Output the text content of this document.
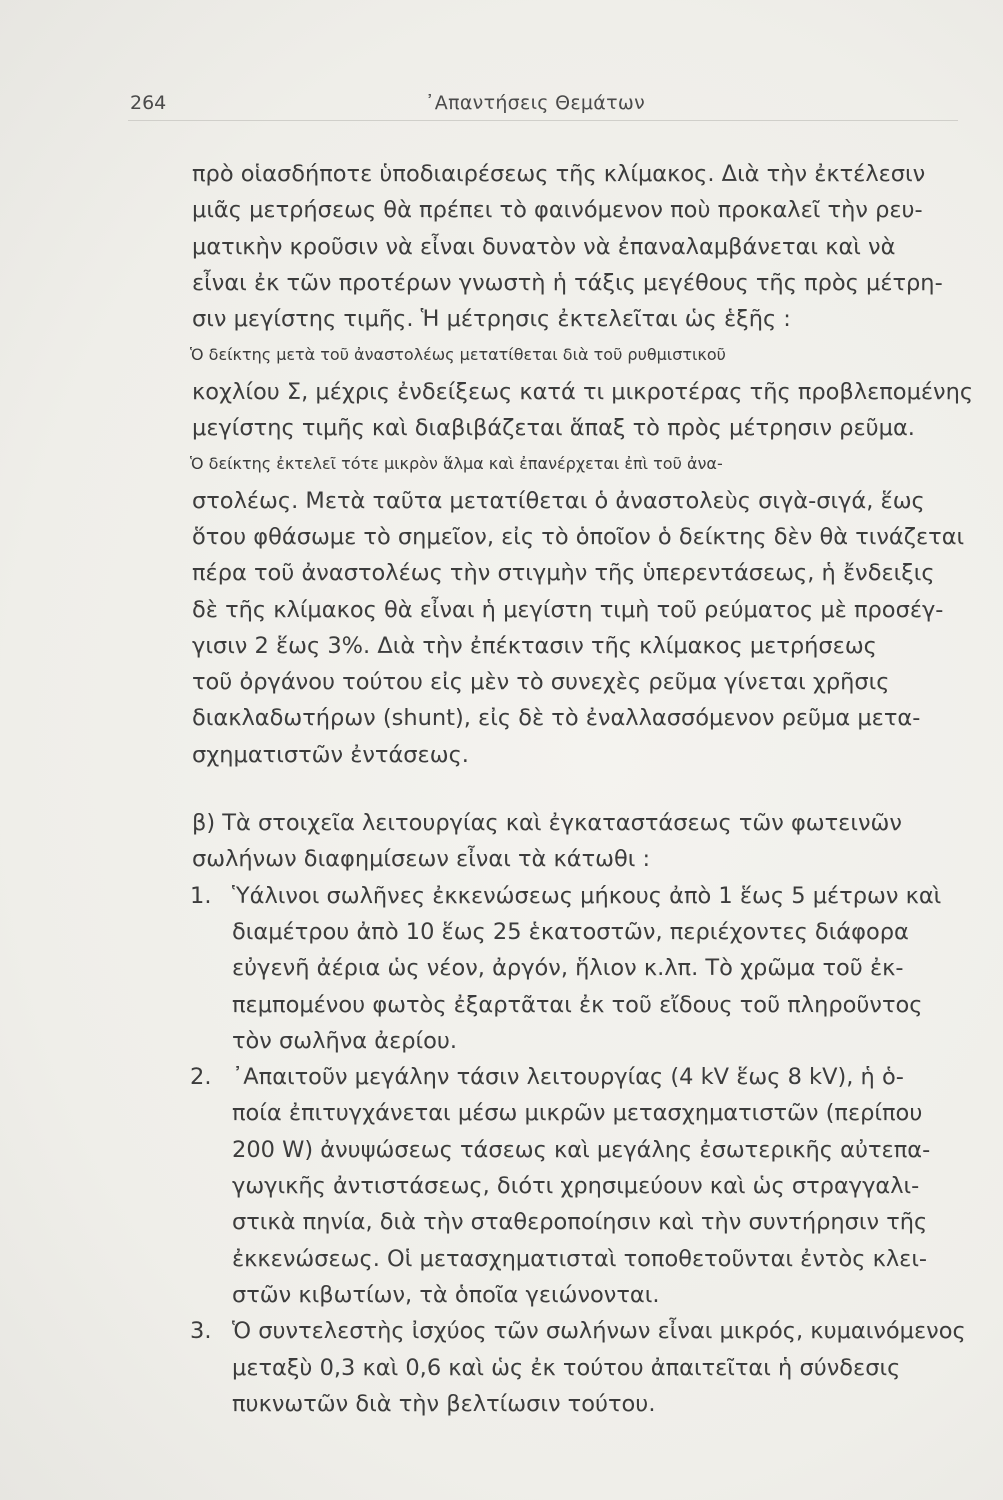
264	᾽Απαντήσεις Θεμάτων
πρὸ οἱασδήποτε ὑποδιαιρέσεως τῆς κλίμακος. Διὰ τὴν ἐκτέλεσιν
μιᾶς μετρήσεως θὰ πρέπει τὸ φαινόμενον ποὺ προκαλεῖ τὴν ρευ-
ματικὴν κροῦσιν νὰ εἶναι δυνατὸν νὰ ἐπαναλαμβάνεται καὶ νὰ
εἶναι ἐκ τῶν προτέρων γνωστὴ ἡ τάξις μεγέθους τῆς πρὸς μέτρη-
σιν μεγίστης τιμῆς. Ἡ μέτρησις ἐκτελεῖται ὡς ἑξῆς :
Ὁ δείκτης μετὰ τοῦ ἀναστολέως μετατίθεται διὰ τοῦ ρυθμιστικοῦ
κοχλίου Σ, μέχρις ἐνδείξεως κατά τι μικροτέρας τῆς προβλεπομένης
μεγίστης τιμῆς καὶ διαβιβάζεται ἅπαξ τὸ πρὸς μέτρησιν ρεῦμα.
Ὁ δείκτης ἐκτελεῖ τότε μικρὸν ἅλμα καὶ ἐπανέρχεται ἐπὶ τοῦ ἀνα-
στολέως. Μετὰ ταῦτα μετατίθεται ὁ ἀναστολεὺς σιγὰ-σιγά, ἕως
ὅτου φθάσωμε τὸ σημεῖον, εἰς τὸ ὁποῖον ὁ δείκτης δὲν θὰ τινάζεται
πέρα τοῦ ἀναστολέως τὴν στιγμὴν τῆς ὑπερεντάσεως, ἡ ἔνδειξις
δὲ τῆς κλίμακος θὰ εἶναι ἡ μεγίστη τιμὴ τοῦ ρεύματος μὲ προσέγ-
γισιν 2 ἕως 3%. Διὰ τὴν ἐπέκτασιν τῆς κλίμακος μετρήσεως
τοῦ ὀργάνου τούτου εἰς μὲν τὸ συνεχὲς ρεῦμα γίνεται χρῆσις
διακλαδωτήρων (shunt), εἰς δὲ τὸ ἐναλλασσόμενον ρεῦμα μετα-
σχηματιστῶν ἐντάσεως.
β) Τὰ στοιχεῖα λειτουργίας καὶ ἐγκαταστάσεως τῶν φωτεινῶν
σωλήνων διαφημίσεων εἶναι τὰ κάτωθι :
1. Ὑάλινοι σωλῆνες ἐκκενώσεως μήκους ἀπὸ 1 ἕως 5 μέτρων καὶ
διαμέτρου ἀπὸ 10 ἕως 25 ἑκατοστῶν, περιέχοντες διάφορα
εὐγενῆ ἀέρια ὡς νέον, ἀργόν, ἥλιον κ.λπ. Τὸ χρῶμα τοῦ ἐκ-
πεμπομένου φωτὸς ἐξαρτᾶται ἐκ τοῦ εἴδους τοῦ πληροῦντος
τὸν σωλῆνα ἀερίου.
2. ᾽Απαιτοῦν μεγάλην τάσιν λειτουργίας (4 kV ἕως 8 kV), ἡ ὁ-
ποία ἐπιτυγχάνεται μέσω μικρῶν μετασχηματιστῶν (περίπου
200 W) ἀνυψώσεως τάσεως καὶ μεγάλης ἐσωτερικῆς αὐτεπα-
γωγικῆς ἀντιστάσεως, διότι χρησιμεύουν καὶ ὡς στραγγαλι-
στικὰ πηνία, διὰ τὴν σταθεροποίησιν καὶ τὴν συντήρησιν τῆς
ἐκκενώσεως. Οἱ μετασχηματισταὶ τοποθετοῦνται ἐντὸς κλει-
στῶν κιβωτίων, τὰ ὁποῖα γειώνονται.
3. Ὁ συντελεστὴς ἰσχύος τῶν σωλήνων εἶναι μικρός, κυμαινόμενος
μεταξὺ 0,3 καὶ 0,6 καὶ ὡς ἐκ τούτου ἀπαιτεῖται ἡ σύνδεσις
πυκνωτῶν διὰ τὴν βελτίωσιν τούτου.
